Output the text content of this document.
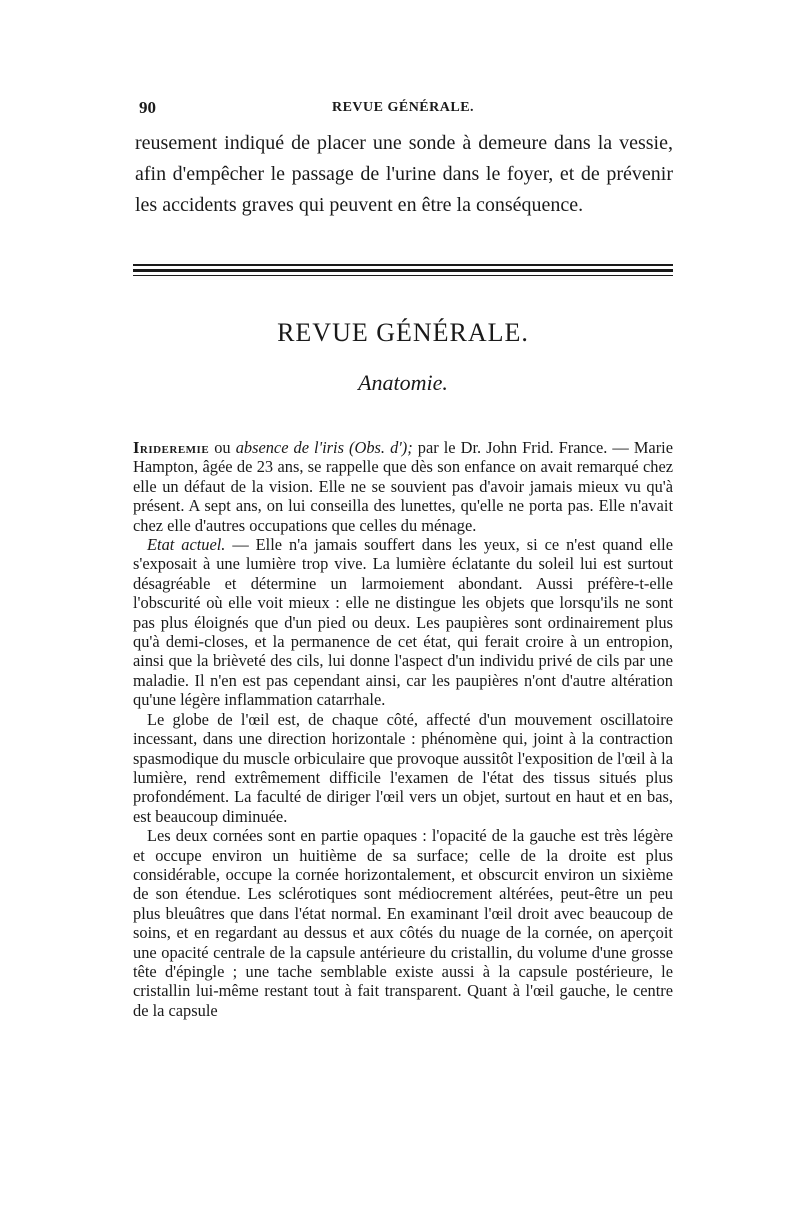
90	REVUE GÉNÉRALE.
reusement indiqué de placer une sonde à demeure dans la vessie, afin d'empêcher le passage de l'urine dans le foyer, et de prévenir les accidents graves qui peuvent en être la conséquence.
REVUE GÉNÉRALE.
Anatomie.

Irideremie ou absence de l'iris (Obs. d'); par le Dr. John Frid. France. — Marie Hampton, âgée de 23 ans, se rappelle que dès son enfance on avait remarqué chez elle un défaut de la vision. Elle ne se souvient pas d'avoir jamais mieux vu qu'à présent. A sept ans, on lui conseilla des lunettes, qu'elle ne porta pas. Elle n'avait chez elle d'autres occupations que celles du ménage.

Etat actuel. — Elle n'a jamais souffert dans les yeux, si ce n'est quand elle s'exposait à une lumière trop vive. La lumière éclatante du soleil lui est surtout désagréable et détermine un larmoiement abondant. Aussi préfère-t-elle l'obscurité où elle voit mieux : elle ne distingue les objets que lorsqu'ils ne sont pas plus éloignés que d'un pied ou deux. Les paupières sont ordinairement plus qu'à demi-closes, et la permanence de cet état, qui ferait croire à un entropion, ainsi que la brièveté des cils, lui donne l'aspect d'un individu privé de cils par une maladie. Il n'en est pas cependant ainsi, car les paupières n'ont d'autre altération qu'une légère inflammation catarrhale.

Le globe de l'œil est, de chaque côté, affecté d'un mouvement oscillatoire incessant, dans une direction horizontale : phénomène qui, joint à la contraction spasmodique du muscle orbiculaire que provoque aussitôt l'exposition de l'œil à la lumière, rend extrêmement difficile l'examen de l'état des tissus situés plus profondément. La faculté de diriger l'œil vers un objet, surtout en haut et en bas, est beaucoup diminuée.

Les deux cornées sont en partie opaques : l'opacité de la gauche est très légère et occupe environ un huitième de sa surface; celle de la droite est plus considérable, occupe la cornée horizontalement, et obscurcit environ un sixième de son étendue. Les sclérotiques sont médiocrement altérées, peut-être un peu plus bleuâtres que dans l'état normal. En examinant l'œil droit avec beaucoup de soins, et en regardant au dessus et aux côtés du nuage de la cornée, on aperçoit une opacité centrale de la capsule antérieure du cristallin, du volume d'une grosse tête d'épingle ; une tache semblable existe aussi à la capsule postérieure, le cristallin lui-même restant tout à fait transparent. Quant à l'œil gauche, le centre de la capsule
